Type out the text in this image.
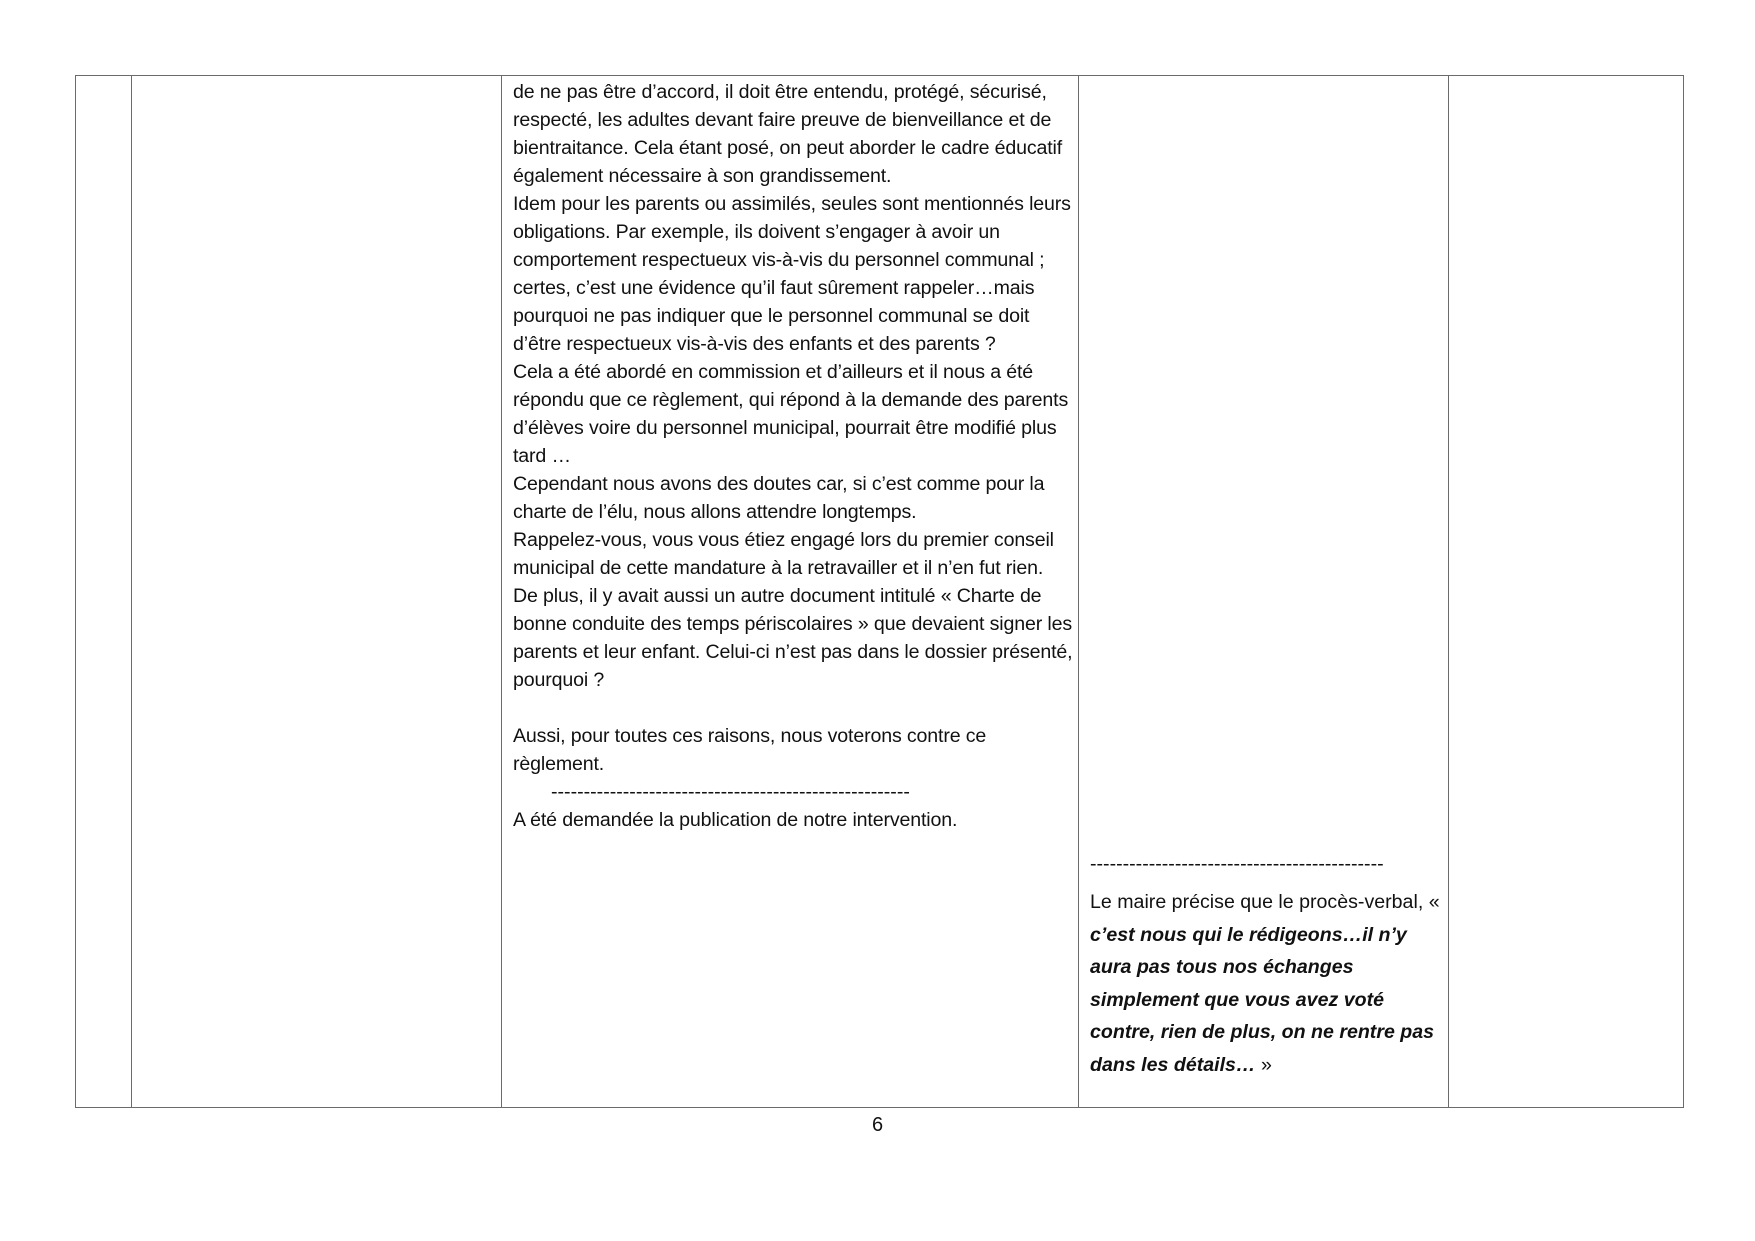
de ne pas être d’accord, il doit être entendu, protégé, sécurisé, respecté, les adultes devant faire preuve de bienveillance et de bientraitance. Cela étant posé, on peut aborder le cadre éducatif également nécessaire à son grandissement.

Idem pour les parents ou assimilés, seules sont mentionnés leurs obligations. Par exemple, ils doivent s’engager à avoir un comportement respectueux vis-à-vis du personnel communal ; certes, c’est une évidence qu’il faut sûrement rappeler…mais pourquoi ne pas indiquer que le personnel communal se doit d’être respectueux vis-à-vis des enfants et des parents ?

Cela a été abordé en commission et d’ailleurs et il nous a été répondu que ce règlement, qui répond à la demande des parents d’élèves voire du personnel municipal, pourrait être modifié plus tard …

Cependant nous avons des doutes car, si c’est comme pour la charte de l’élu, nous allons attendre longtemps.

Rappelez-vous, vous vous étiez engagé lors du premier conseil municipal de cette mandature à la retravailler et il n’en fut rien.

De plus, il y avait aussi un autre document intitulé « Charte de bonne conduite des temps périscolaires » que devaient signer les parents et leur enfant. Celui-ci n’est pas dans le dossier présenté, pourquoi ?

Aussi, pour toutes ces raisons, nous voterons contre ce règlement.

-------------------------------------------------------

A été demandée la publication de notre intervention.

---------------------------------------------

Le maire précise que le procès-verbal, « c’est nous qui le rédigeons…il n’y aura pas tous nos échanges simplement que vous avez voté contre, rien de plus, on ne rentre pas dans les détails… »

6
